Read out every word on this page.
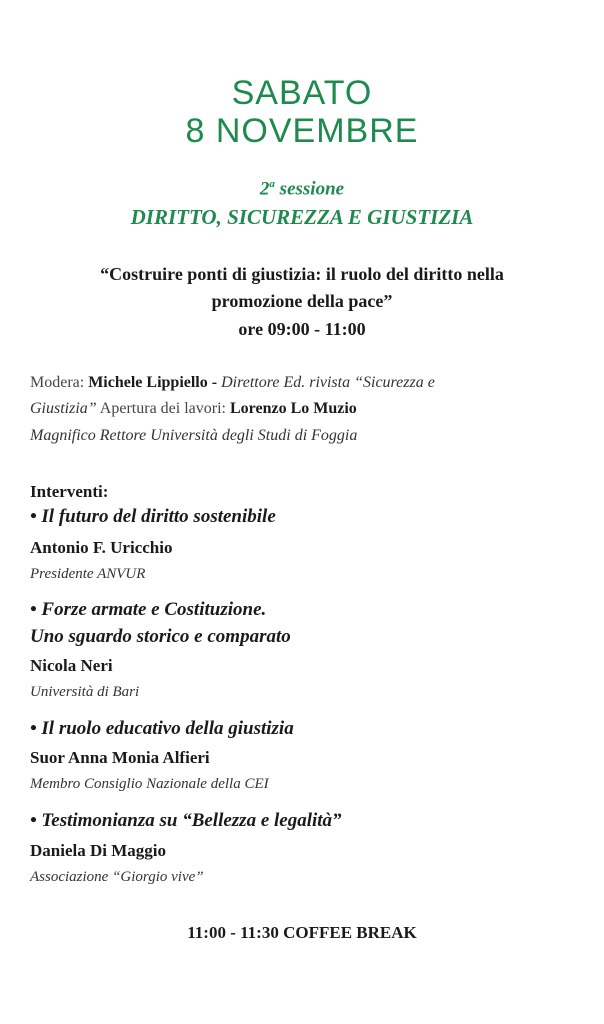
SABATO
8 NOVEMBRE
2$^a$ sessione
DIRITTO, SICUREZZA E GIUSTIZIA
“Costruire ponti di giustizia: il ruolo del diritto nella
promozione della pace”
ore 09:00 - 11:00
Modera: Michele Lippiello - Direttore Ed. rivista “Sicurezza e
Giustizia” Apertura dei lavori: Lorenzo Lo Muzio
Magnifico Rettore Università degli Studi di Foggia
Interventi:
• Il futuro del diritto sostenibile
Antonio F. Uricchio
Presidente ANVUR
• Forze armate e Costituzione.
Uno sguardo storico e comparato
Nicola Neri
Università di Bari
• Il ruolo educativo della giustizia
Suor Anna Monia Alfieri
Membro Consiglio Nazionale della CEI
• Testimonianza su “Bellezza e legalità”
Daniela Di Maggio
Associazione “Giorgio vive”
11:00 - 11:30 COFFEE BREAK
